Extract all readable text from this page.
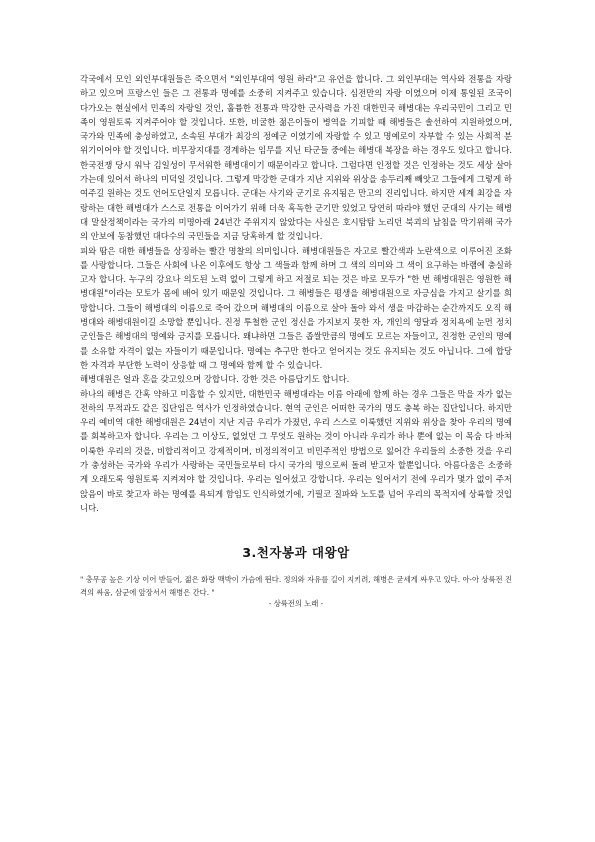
각국에서 모인 외인부대원들은 죽으면서 "외인부대여 영원 하라"고 유언을 합니다. 그 외인부대는 역사와 전통을 자랑하고 있으며 프랑스인 들은 그 전통과 명예를 소중히 지켜주고 있습니다. 심전만의 자랑 이였으며 이제 통일된 조국이 다가오는 현실에서 민족의 자랑일 것인, 훌륭한 전통과 막강한 군사력을 가진 대한민국 해병대는 우리국민이 그리고 민족이 영원토록 지켜주어야 할 것입니다. 또한, 비굴한 젊은이들이 병역을 기피할 때 해병들은 솔선하여 지원하였으며, 국가와 민족에 충성하였고, 소속된 부대가 최강의 정예군 이였기에 자랑할 수 있고 명예로이 자부할 수 있는 사회적 분위기이어야 할 것입니다. 비무장지대를 경계하는 임무를 지닌 타군들 중에는 해병대 복장을 하는 경우도 있다고 합니다. 한국전쟁 당시 워낙 김일성이 무서워한 해병대이기 때문이라고 합니다. 그럼다면 인정할 것은 인정하는 것도 세상 살아가는데 있어서 하나의 미덕일 것입니다. 그렇게 막강한 군대가 지난 지위와 위상을 송두리째 빼앗고 그들에게 그렇게 하여주길 원하는 것도 언어도단일지 모릅니다. 군대는 사기와 군기로 유지됨은 만고의 진리입니다. 하지만 세계 최강을 자랑하는 대한 해병대가 스스로 전통을 이어가기 위해 더욱 혹독한 군기만 있었고 당연히 따라야 했던 군대의 사기는 해병대 말살정책이라는 국가의 미명아래 24년간 주위지지 않았다는 사실은 호시탐탐 노리던 북괴의 남침을 막기위해 국가의 안보에 동참했던 대다수의 국민들을 지금 당혹하게 할 것입니다.

피와 땀은 대한 해병들을 상징하는 빨간 명찰의 의미입니다. 해병대원들은 자고로 빨간색과 노란색으로 이루어진 조화를 사랑합니다. 그들은 사회에 나온 이후에도 항상 그 색들과 함께 하며 그 색의 의미와 그 색이 요구하는 바램에 충실하고자 합니다. 누구의 강요나 의도된 노력 없이 그렇게 하고 저절로 되는 것은 바로 모두가 "한 번 해병대원은 영원한 해병대원"이라는 모토가 몸에 배어 있기 때문일 것입니다. 그 해병들은 평생을 해병대원으로 자긍심을 가지고 살기를 희망합니다. 그들이 해병대의 이름으로 죽어 갔으며 해병대의 이름으로 살아 돌아 와서 생을 마감하는 순간까지도 오직 해병대와 해병대원이길 소망할 뿐입니다. 진정 투철한 군인 정신을 가지보지 못한 자, 개인의 영달과 정치욕에 눈먼 정치군인들은 해병대의 명예와 긍지를 모릅니다. 왜냐하면 그들은 좁쌀만큼의 명예도 모르는 자들이고, 진정한 군인의 명예를 소유할 자격이 없는 자들이기 때문입니다. 명예는 추구만 한다고 얻어지는 것도 유지되는 것도 아닙니다. 그에 합당한 자격과 부단한 노력이 상응할 때 그 명예와 함께 할 수 있습니다.

해병대원은 얼과 혼을 갖고있으며 강합니다. 강한 것은 아름답기도 합니다.

하나의 해병은 간혹 약하고 미흡할 수 있지만, 대한민국 해병대라는 이름 아래에 함께 하는 경우 그들은 막을 자가 없는 전하의 무적과도 같은 집단임은 역사가 인정하였습니다. 현역 군인은 어떠한 국가의 명도 충복 하는 집단입니다. 하지만 우리 예비역 대한 해병대원은 24년이 지난 지금 우리가 가졌던, 우리 스스로 이룩했던 지위와 위상을 찾아 우리의 명예를 회복하고자 합니다. 우리는 그 이상도, 없었던 그 무엇도 원하는 것이 아니라 우리가 하나 뿐에 없는 이 목숨 다 바쳐 이룩한 우리의 것을, 비합리적이고 강제적이며, 비정의적이고 비민주적인 방법으로 잃어간 우리들의 소중한 것을 우리가 충성하는 국가와 우리가 사랑하는 국민들로부터 다시 국가의 명으로써 돌려 받고자 할뿐입니다. 아름다움은 소중하게 오래도록 영원토록 지켜져야 할 것입니다. 우리는 일어섰고 강합니다. 우리는 일어서기 전에 우리가 몇가 없이 주저앉음이 바로 찾고자 하는 명예를 욕되게 함임도 인식하였기에, 기필코 질파와 노도를 넘어 우리의 목적지에 상륙할 것입니다.

3.천자봉과 대왕암

" 충무공 높은 기상 이어 받들어, 젊은 화랑 맥박이 가슴에 뛴다. 정의와 자유를 길이 지키려, 해병은 굳세게 싸우고 있다. 아-아 상륙전 진격의 싸움, 삼군에 앞장서서 해병은 간다. "

- 상륙전의 노래 -
